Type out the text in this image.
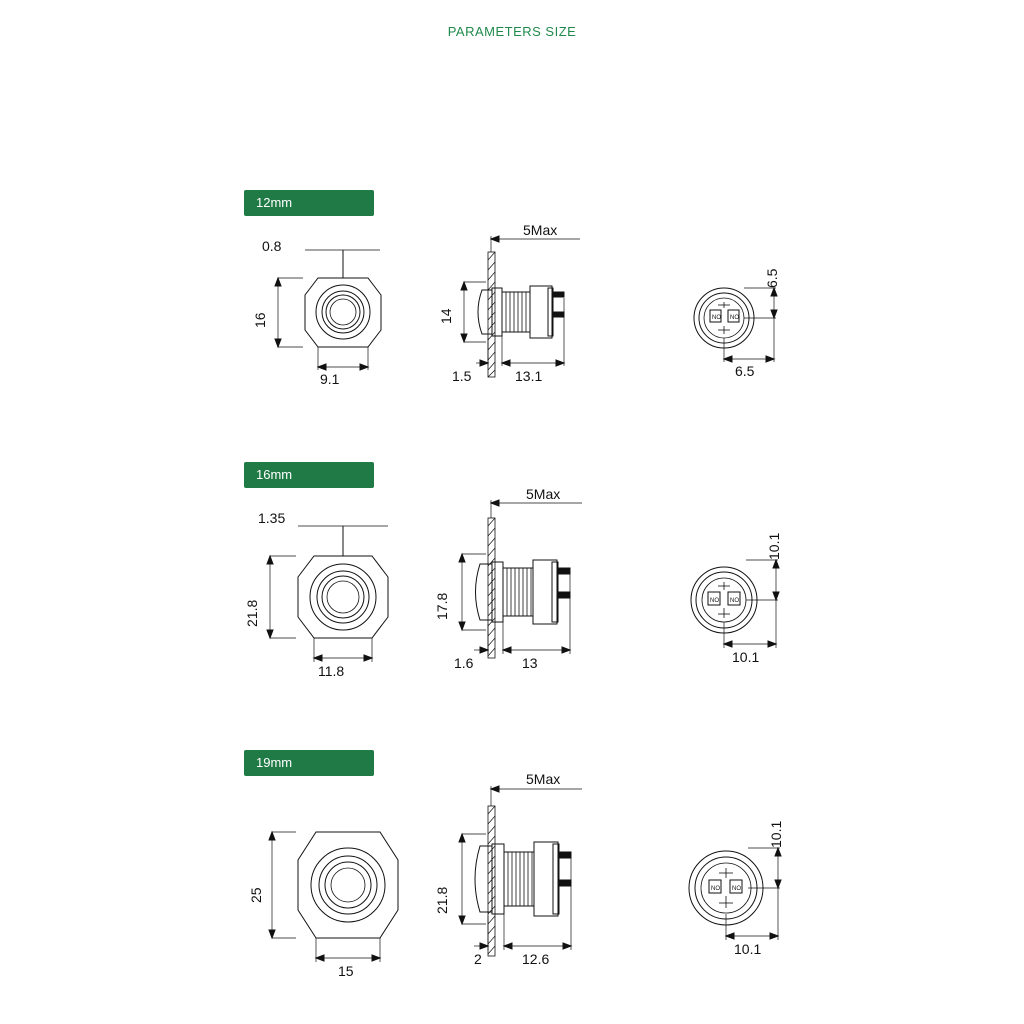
PARAMETERS SIZE
12mm
0.8
16
9.1
5Max
14
1.5	13.1
NO NO
6.5
6.5
16mm
1.35
21.8
11.8
5Max
17.8
1.6	13
NO NO
10.1
10.1
19mm
25
15
5Max
21.8
2	12.6
NO NO
10.1
10.1
